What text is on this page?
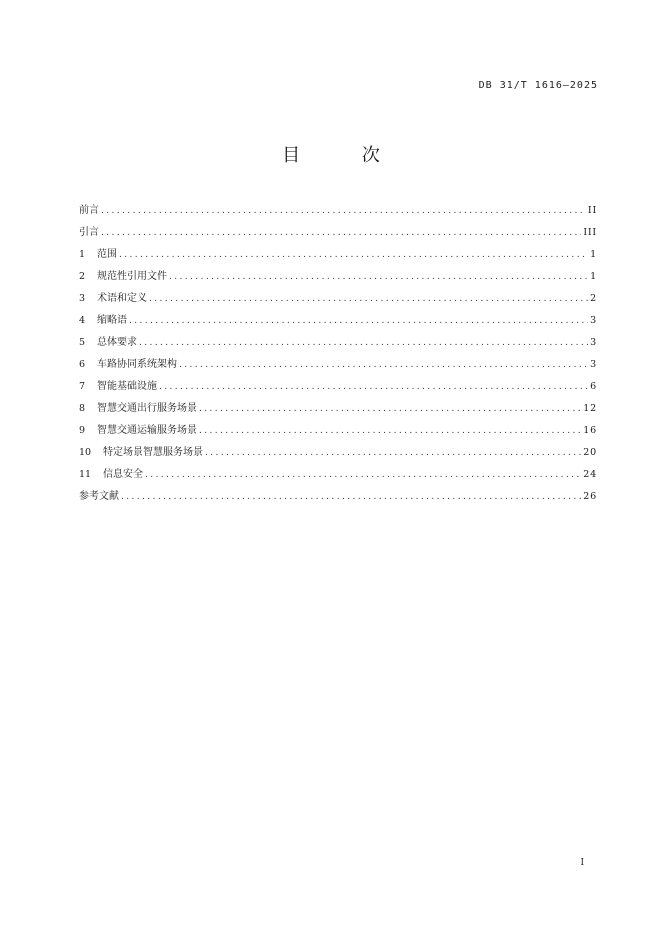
DB 31/T 1616—2025
目 次
前言 .....	II
引言 .....	III
1	范围 .....	1
2	规范性引用文件 .....	1
3	术语和定义 .....	2
4	缩略语 .....	3
5	总体要求 .....	3
6	车路协同系统架构 .....	3
7	智能基础设施 .....	6
8	智慧交通出行服务场景 .....	12
9	智慧交通运输服务场景 .....	16
10	特定场景智慧服务场景 .....	20
11	信息安全 .....	24
参考文献 .....	26
I
